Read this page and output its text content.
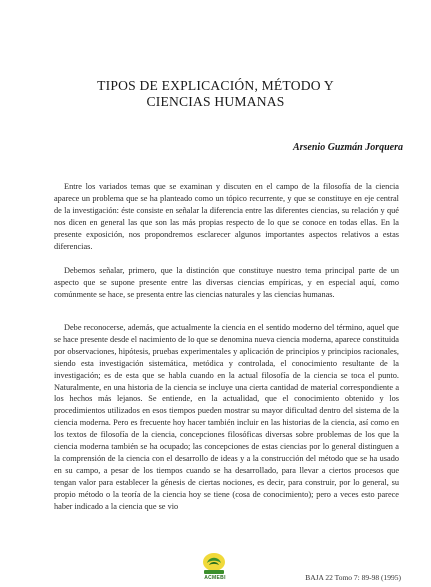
TIPOS DE EXPLICACIÓN, MÉTODO Y
CIENCIAS HUMANAS

Arsenio Guzmán Jorquera

Entre los variados temas que se examinan y discuten en el campo de la filosofía de la ciencia aparece un problema que se ha planteado como un tópico recurrente, y que se constituye en eje central de la investigación: éste consiste en señalar la diferencia entre las diferentes ciencias, su relación y qué nos dicen en general las que son las más propias respecto de lo que se conoce en todas ellas. En la presente exposición, nos propondremos esclarecer algunos importantes aspectos relativos a estas diferencias.

Debemos señalar, primero, que la distinción que constituye nuestro tema principal parte de un aspecto que se supone presente entre las diversas ciencias empíricas, y en especial aquí, como comúnmente se hace, se presenta entre las ciencias naturales y las ciencias humanas.

Debe reconocerse, además, que actualmente la ciencia en el sentido moderno del término, aquel que se hace presente desde el nacimiento de lo que se denomina nueva ciencia moderna, aparece constituida por observaciones, hipótesis, pruebas experimentales y aplicación de principios y principios racionales, siendo esta investigación sistemática, metódica y controlada, el conocimiento resultante de la investigación; es de esta que se habla cuando en la actual filosofía de la ciencia se toca el punto. Naturalmente, en una historia de la ciencia se incluye una cierta cantidad de material correspondiente a los hechos más lejanos. Se entiende, en la actualidad, que el conocimiento obtenido y los procedimientos utilizados en esos tiempos pueden mostrar su mayor dificultad dentro del sistema de la ciencia moderna. Pero es frecuente hoy hacer también incluir en las historias de la ciencia, así como en los textos de filosofía de la ciencia, concepciones filosóficas diversas sobre problemas de los que la ciencia moderna también se ha ocupado; las concepciones de estas ciencias por lo general distinguen a la comprensión de la ciencia con el desarrollo de ideas y a la construcción del método que se ha usado en su campo, a pesar de los tiempos cuando se ha desarrollado, para llevar a ciertos procesos que tengan valor para establecer la génesis de ciertas nociones, es decir, para construir, por lo general, su propio método o la teoría de la ciencia hoy se tiene (cosa de conocimiento); pero a veces esto parece haber indicado a la ciencia que se vio

ACMEBI	BAJA 22 Tomo 7: 89-98 (1995)
